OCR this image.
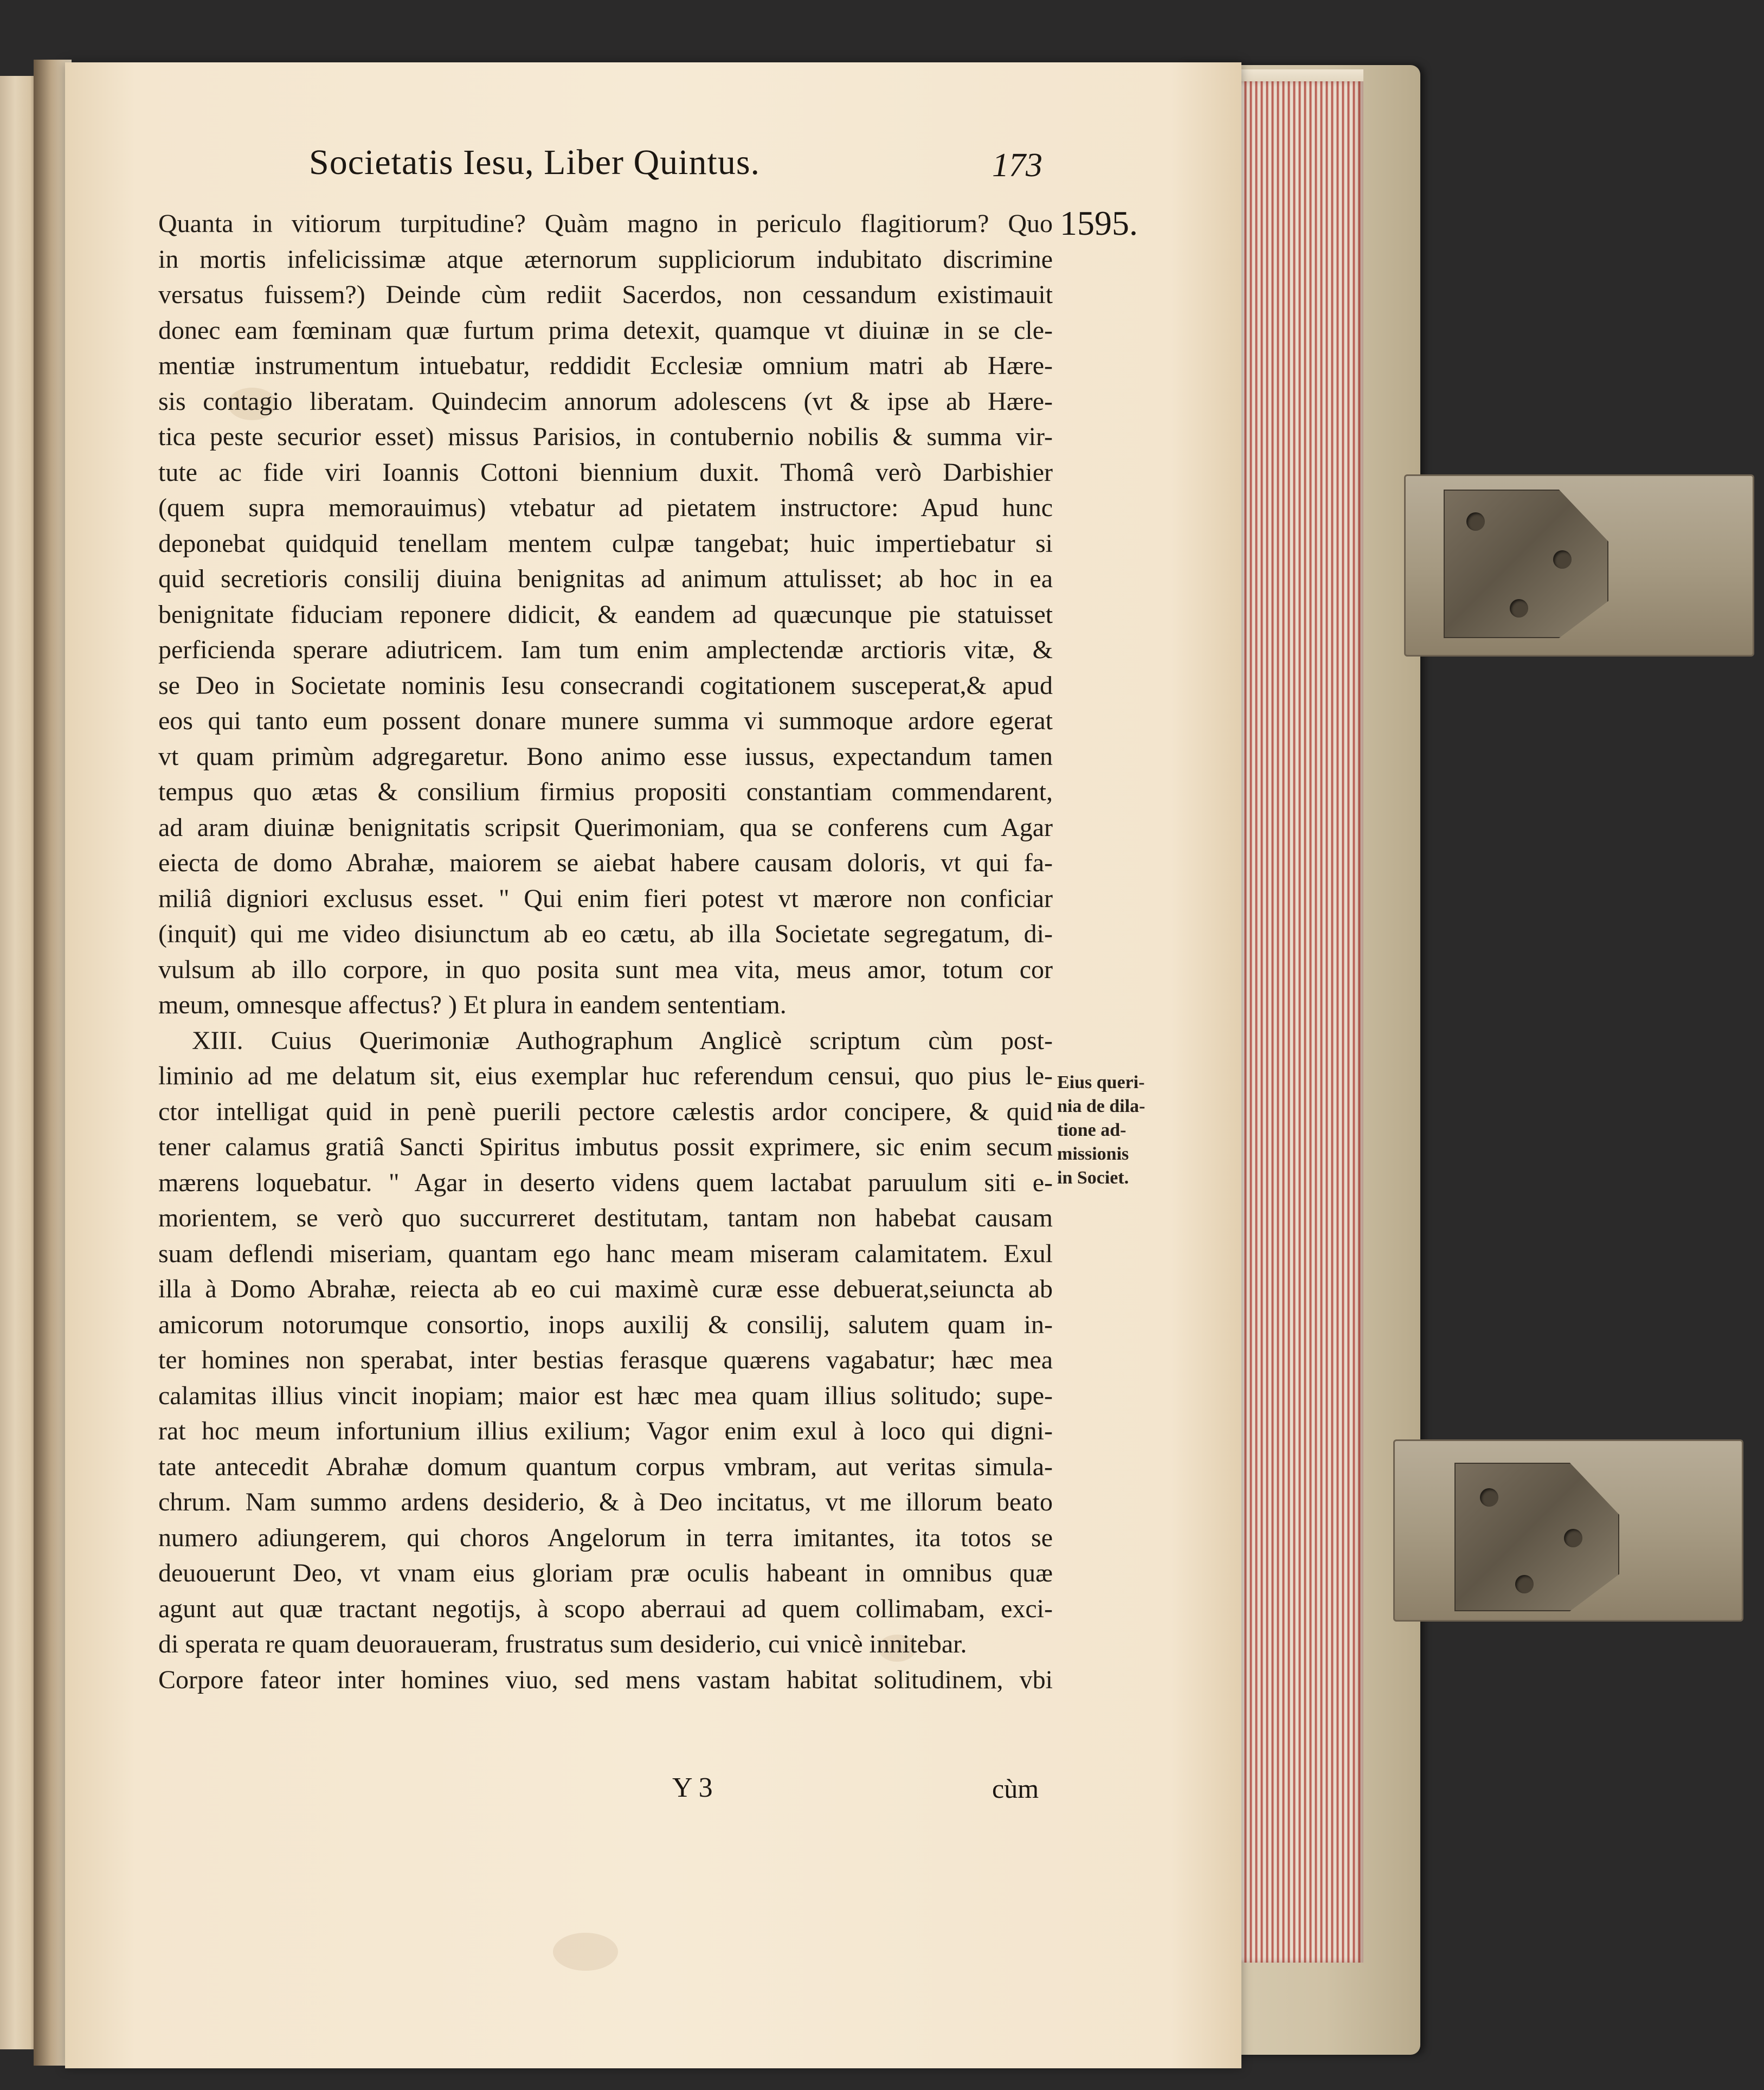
Societatis Iesu, Liber Quintus.	173
1595.
Quanta in vitiorum turpitudine? Quàm magno in periculo flagitiorum? Quo
in mortis infelicissimæ atque æternorum suppliciorum indubitato discrimine
versatus fuissem?) Deinde cùm rediit Sacerdos, non cessandum existimauit
donec eam fœminam quæ furtum prima detexit, quamque vt diuinæ in se cle-
mentiæ instrumentum intuebatur, reddidit Ecclesiæ omnium matri ab Hære-
sis contagio liberatam. Quindecim annorum adolescens (vt & ipse ab Hære-
tica peste securior esset) missus Parisios, in contubernio nobilis & summa vir-
tute ac fide viri Ioannis Cottoni biennium duxit. Thomâ verò Darbishier
(quem supra memorauimus) vtebatur ad pietatem instructore: Apud hunc
deponebat quidquid tenellam mentem culpæ tangebat; huic impertiebatur si
quid secretioris consilij diuina benignitas ad animum attulisset; ab hoc in ea
benignitate fiduciam reponere didicit, & eandem ad quæcunque pie statuisset
perficienda sperare adiutricem. Iam tum enim amplectendæ arctioris vitæ, &
se Deo in Societate nominis Iesu consecrandi cogitationem susceperat,& apud
eos qui tanto eum possent donare munere summa vi summoque ardore egerat
vt quam primùm adgregaretur. Bono animo esse iussus, expectandum tamen
tempus quo ætas & consilium firmius propositi constantiam commendarent,
ad aram diuinæ benignitatis scripsit Querimoniam, qua se conferens cum Agar
eiecta de domo Abrahæ, maiorem se aiebat habere causam doloris, vt qui fa-
miliâ digniori exclusus esset. " Qui enim fieri potest vt mærore non conficiar
(inquit) qui me video disiunctum ab eo cætu, ab illa Societate segregatum, di-
vulsum ab illo corpore, in quo posita sunt mea vita, meus amor, totum cor
meum, omnesque affectus? ) Et plura in eandem sententiam.
XIII. Cuius Querimoniæ Authographum Anglicè scriptum cùm post-
liminio ad me delatum sit, eius exemplar huc referendum censui, quo pius le-
ctor intelligat quid in penè puerili pectore cælestis ardor concipere, & quid
tener calamus gratiâ Sancti Spiritus imbutus possit exprimere, sic enim secum
mærens loquebatur. " Agar in deserto videns quem lactabat paruulum siti e-
morientem, se verò quo succurreret destitutam, tantam non habebat causam
suam deflendi miseriam, quantam ego hanc meam miseram calamitatem. Exul
illa à Domo Abrahæ, reiecta ab eo cui maximè curæ esse debuerat,seiuncta ab
amicorum notorumque consortio, inops auxilij & consilij, salutem quam in-
ter homines non sperabat, inter bestias ferasque quærens vagabatur; hæc mea
calamitas illius vincit inopiam; maior est hæc mea quam illius solitudo; supe-
rat hoc meum infortunium illius exilium; Vagor enim exul à loco qui digni-
tate antecedit Abrahæ domum quantum corpus vmbram, aut veritas simula-
chrum. Nam summo ardens desiderio, & à Deo incitatus, vt me illorum beato
numero adiungerem, qui choros Angelorum in terra imitantes, ita totos se
deuouerunt Deo, vt vnam eius gloriam præ oculis habeant in omnibus quæ
agunt aut quæ tractant negotijs, à scopo aberraui ad quem collimabam, exci-
di sperata re quam deuoraueram, frustratus sum desiderio, cui vnicè innitebar.
Corpore fateor inter homines viuo, sed mens vastam habitat solitudinem, vbi
Eius queri-
nia de dila-
tione ad-
missionis
in Societ.
Y 3	cùm
